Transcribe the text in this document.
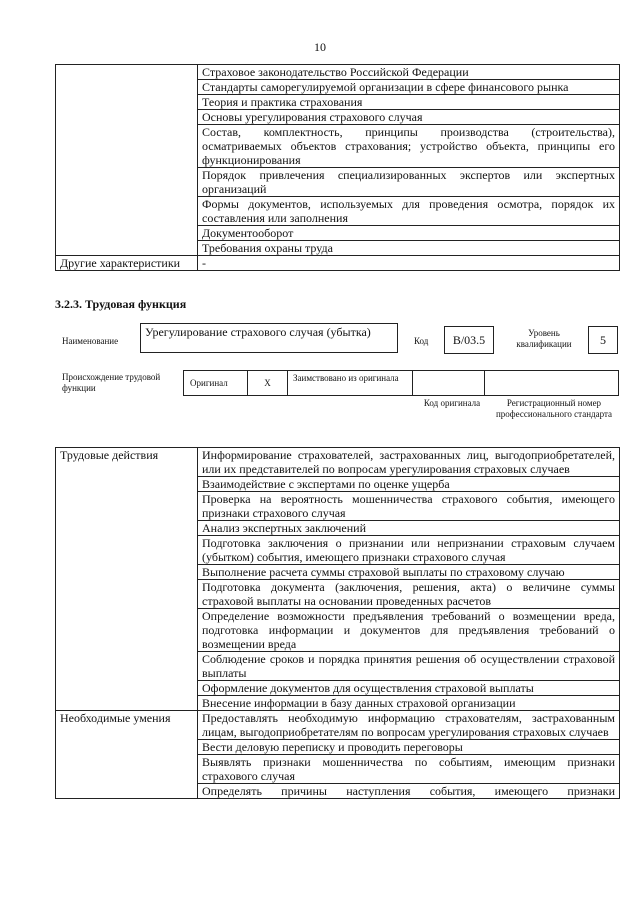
10
	Страховое законодательство Российской Федерации
	Стандарты саморегулируемой организации в сфере финансового рынка
	Теория и практика страхования
	Основы урегулирования страхового случая
	Состав, комплектность, принципы производства (строительства), осматриваемых объектов страхования; устройство объекта, принципы его функционирования
	Порядок привлечения специализированных экспертов или экспертных организаций
	Формы документов, используемых для проведения осмотра, порядок их составления или заполнения
	Документооборот
	Требования охраны труда
Другие характеристики	-
3.2.3. Трудовая функция
Наименование
Урегулирование страхового случая (убытка)
Код	B/03.5	Уровень квалификации	5
Происхождение трудовой функции
Оригинал	X	Заимствовано из оригинала
Код оригинала	Регистрационный номер профессионального стандарта
Трудовые действия	Информирование страхователей, застрахованных лиц, выгодоприобретателей, или их представителей по вопросам урегулирования страховых случаев
	Взаимодействие с экспертами по оценке ущерба
	Проверка на вероятность мошенничества страхового события, имеющего признаки страхового случая
	Анализ экспертных заключений
	Подготовка заключения о признании или непризнании страховым случаем (убытком) события, имеющего признаки страхового случая
	Выполнение расчета суммы страховой выплаты по страховому случаю
	Подготовка документа (заключения, решения, акта) о величине суммы страховой выплаты на основании проведенных расчетов
	Определение возможности предъявления требований о возмещении вреда, подготовка информации и документов для предъявления требований о возмещении вреда
	Соблюдение сроков и порядка принятия решения об осуществлении страховой выплаты
	Оформление документов для осуществления страховой выплаты
	Внесение информации в базу данных страховой организации
Необходимые умения	Предоставлять необходимую информацию страхователям, застрахованным лицам, выгодоприобретателям по вопросам урегулирования страховых случаев
	Вести деловую переписку и проводить переговоры
	Выявлять признаки мошенничества по событиям, имеющим признаки страхового случая
	Определять причины наступления события, имеющего признаки
